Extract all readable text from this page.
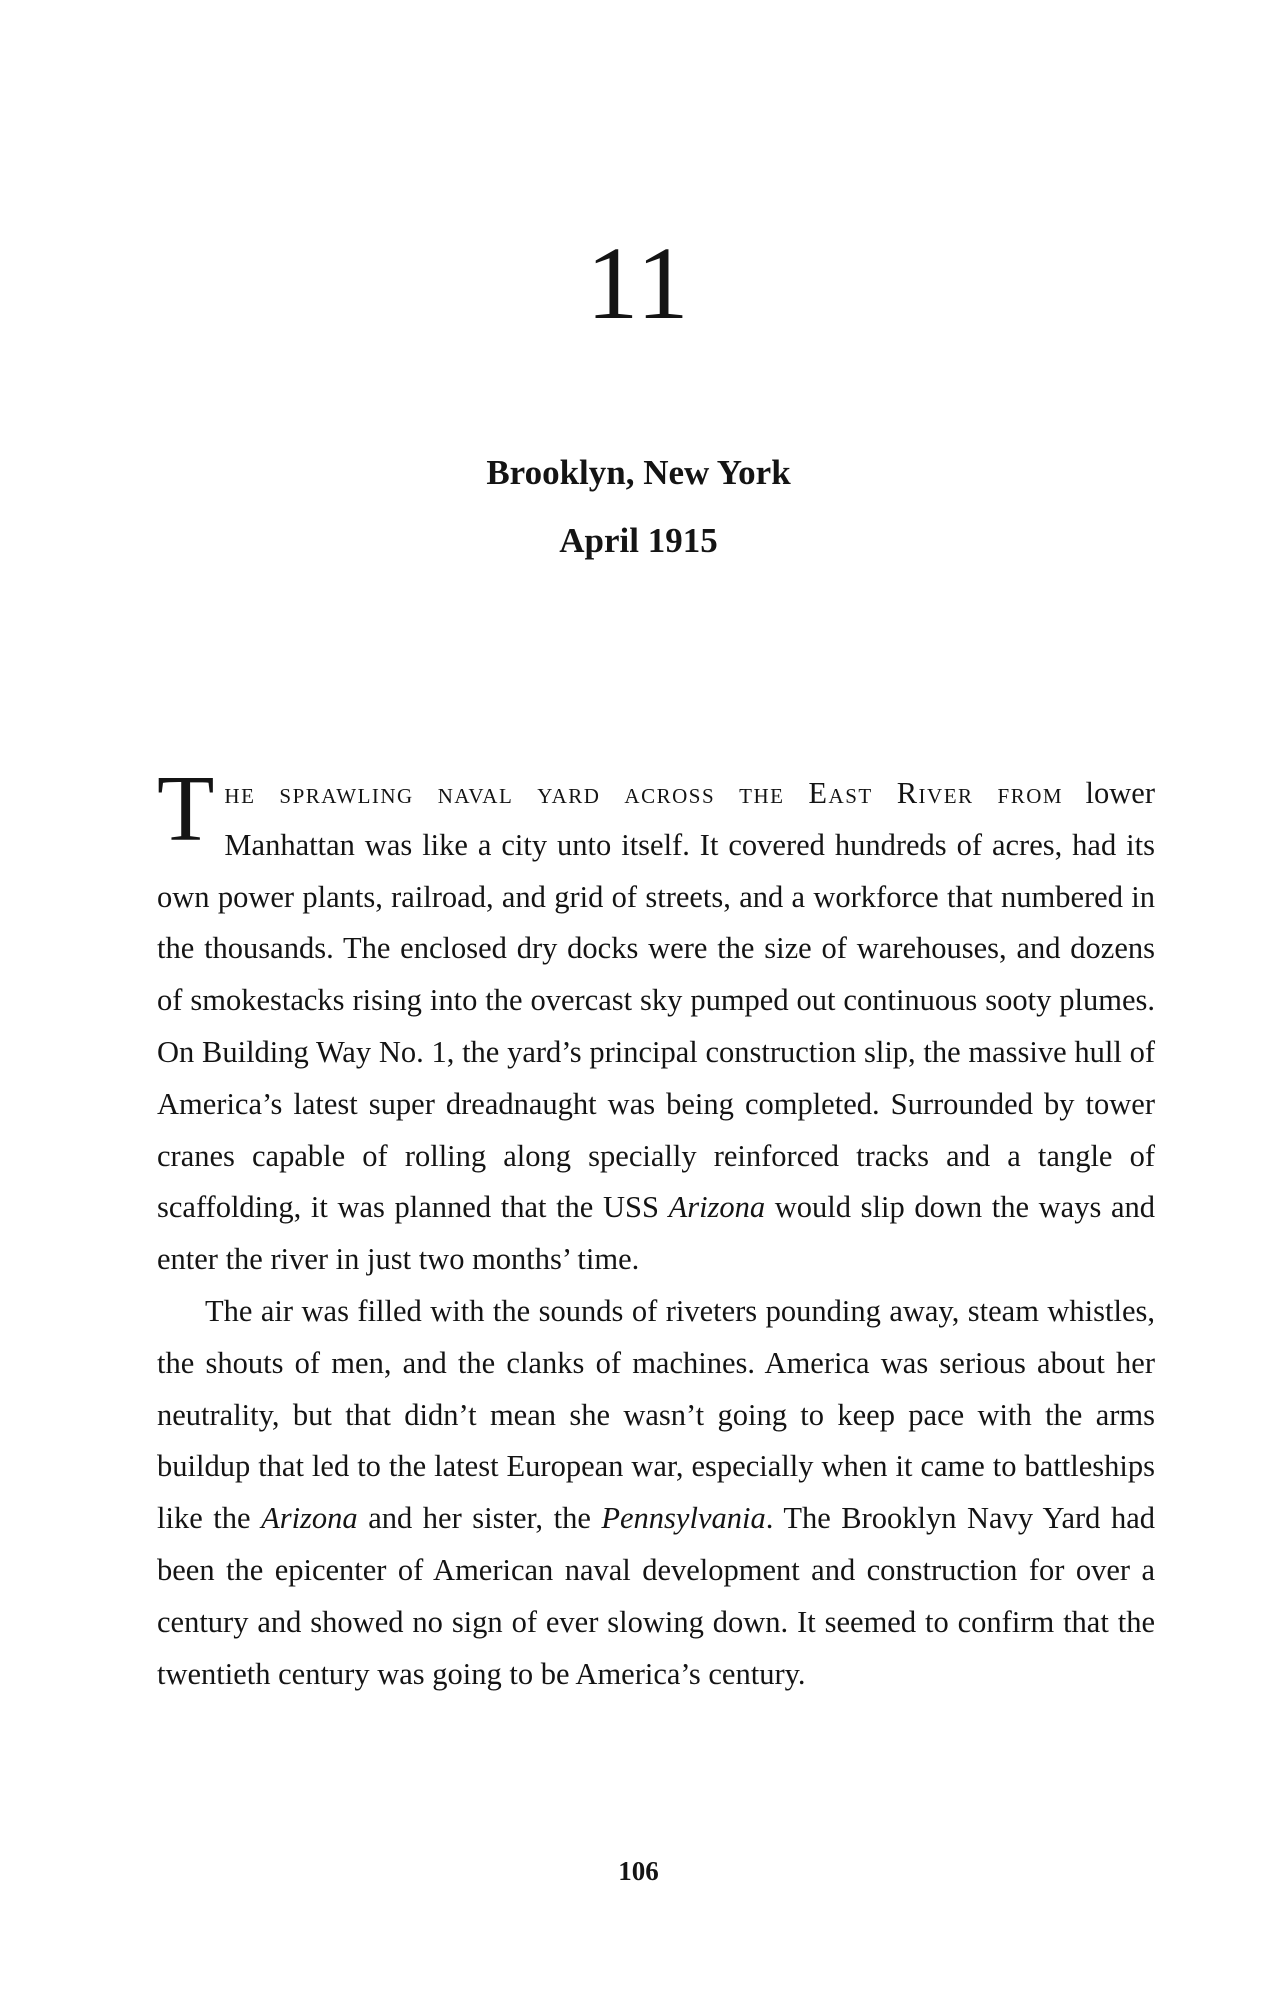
11
Brooklyn, New York
April 1915

The sprawling naval yard across the East River from lower Manhattan was like a city unto itself. It covered hundreds of acres, had its own power plants, railroad, and grid of streets, and a workforce that numbered in the thousands. The enclosed dry docks were the size of warehouses, and dozens of smokestacks rising into the overcast sky pumped out continuous sooty plumes. On Building Way No. 1, the yard’s principal construction slip, the massive hull of America’s latest super dreadnaught was being completed. Surrounded by tower cranes capable of rolling along specially reinforced tracks and a tangle of scaffolding, it was planned that the USS Arizona would slip down the ways and enter the river in just two months’ time.

The air was filled with the sounds of riveters pounding away, steam whistles, the shouts of men, and the clanks of machines. America was serious about her neutrality, but that didn’t mean she wasn’t going to keep pace with the arms buildup that led to the latest European war, especially when it came to battleships like the Arizona and her sister, the Pennsylvania. The Brooklyn Navy Yard had been the epicenter of American naval development and construction for over a century and showed no sign of ever slowing down. It seemed to confirm that the twentieth century was going to be America’s century.

106
